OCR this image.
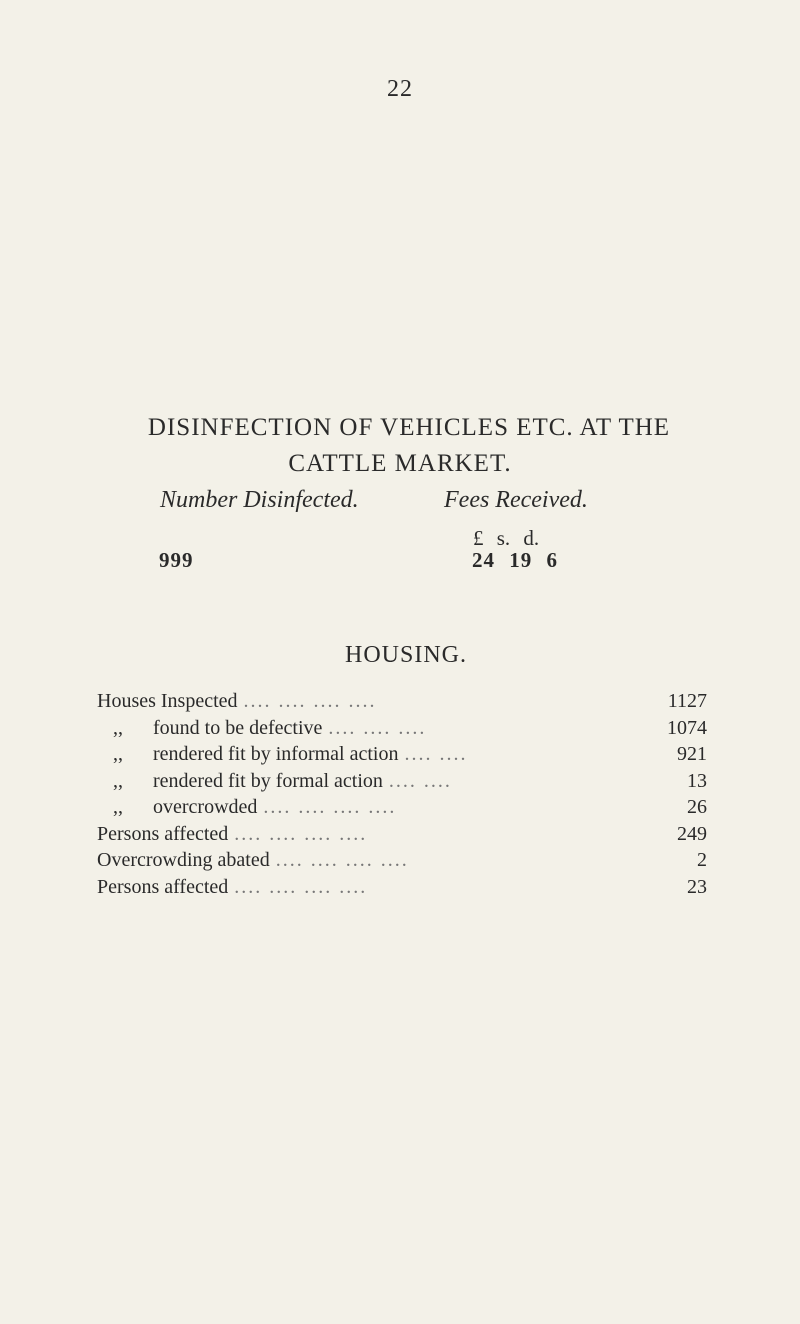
22
DISINFECTION OF VEHICLES ETC. AT THE
CATTLE MARKET.
Number Disinfected.	Fees Received.
£ s. d.
999	24 19 6
HOUSING.
Houses Inspected .... .... .... ....	1127
,,	found to be defective .... .... ....	1074
,,	rendered fit by informal action .... ....	921
,,	rendered fit by formal action .... ....	13
,,	overcrowded .... .... .... ....	26
Persons affected .... .... .... ....	249
Overcrowding abated .... .... .... ....	2
Persons affected .... .... .... ....	23
